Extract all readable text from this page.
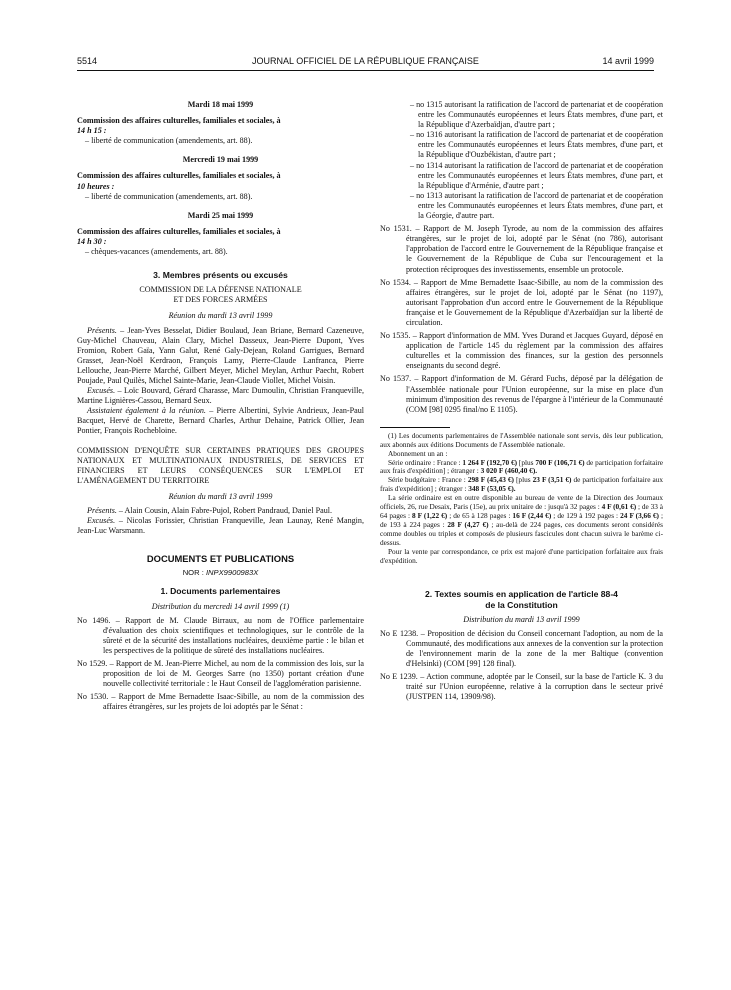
5514	JOURNAL OFFICIEL DE LA RÉPUBLIQUE FRANÇAISE	14 avril 1999

Mardi 18 mai 1999

Commission des affaires culturelles, familiales et sociales, à
14 h 15 :

– liberté de communication (amendements, art. 88).

Mercredi 19 mai 1999

Commission des affaires culturelles, familiales et sociales, à
10 heures :

– liberté de communication (amendements, art. 88).

Mardi 25 mai 1999

Commission des affaires culturelles, familiales et sociales, à
14 h 30 :

– chèques-vacances (amendements, art. 88).

3. Membres présents ou excusés

COMMISSION DE LA DÉFENSE NATIONALE
ET DES FORCES ARMÉES

Réunion du mardi 13 avril 1999

Présents. – Jean-Yves Besselat, Didier Boulaud, Jean Briane, Bernard Cazeneuve, Guy-Michel Chauveau, Alain Clary, Michel Dasseux, Jean-Pierre Dupont, Yves Fromion, Robert Gaïa, Yann Galut, René Galy-Dejean, Roland Garrigues, Bernard Grasset, Jean-Noël Kerdraon, François Lamy, Pierre-Claude Lanfranca, Pierre Lellouche, Jean-Pierre Marché, Gilbert Meyer, Michel Meylan, Arthur Paecht, Robert Poujade, Paul Quilès, Michel Sainte-Marie, Jean-Claude Viollet, Michel Voisin.

Excusés. – Loïc Bouvard, Gérard Charasse, Marc Dumoulin, Christian Franqueville, Martine Lignières-Cassou, Bernard Seux.

Assistaient également à la réunion. – Pierre Albertini, Sylvie Andrieux, Jean-Paul Bacquet, Hervé de Charette, Bernard Charles, Arthur Dehaine, Patrick Ollier, Jean Pontier, François Rochebloine.

COMMISSION D'ENQUÊTE SUR CERTAINES PRATIQUES DES GROUPES NATIONAUX ET MULTINATIONAUX INDUSTRIELS, DE SERVICES ET FINANCIERS ET LEURS CONSÉQUENCES SUR L'EMPLOI ET L'AMÉNAGEMENT DU TERRITOIRE

Réunion du mardi 13 avril 1999

Présents. – Alain Cousin, Alain Fabre-Pujol, Robert Pandraud, Daniel Paul.

Excusés. – Nicolas Forissier, Christian Franqueville, Jean Launay, René Mangin, Jean-Luc Warsmann.

DOCUMENTS ET PUBLICATIONS

NOR : INPX9900983X

1. Documents parlementaires

Distribution du mercredi 14 avril 1999 (1)

No 1496. – Rapport de M. Claude Birraux, au nom de l'Office parlementaire d'évaluation des choix scientifiques et technologiques, sur le contrôle de la sûreté et de la sécurité des installations nucléaires, deuxième partie : le bilan et les perspectives de la politique de sûreté des installations nucléaires.

No 1529. – Rapport de M. Jean-Pierre Michel, au nom de la commission des lois, sur la proposition de loi de M. Georges Sarre (no 1350) portant création d'une nouvelle collectivité territoriale : le Haut Conseil de l'agglomération parisienne.

No 1530. – Rapport de Mme Bernadette Isaac-Sibille, au nom de la commission des affaires étrangères, sur les projets de loi adoptés par le Sénat :

– no 1315 autorisant la ratification de l'accord de partenariat et de coopération entre les Communautés européennes et leurs États membres, d'une part, et la République d'Azerbaïdjan, d'autre part ;

– no 1316 autorisant la ratification de l'accord de partenariat et de coopération entre les Communautés européennes et leurs États membres, d'une part, et la République d'Ouzbékistan, d'autre part ;

– no 1314 autorisant la ratification de l'accord de partenariat et de coopération entre les Communautés européennes et leurs États membres, d'une part, et la République d'Arménie, d'autre part ;

– no 1313 autorisant la ratification de l'accord de partenariat et de coopération entre les Communautés européennes et leurs États membres, d'une part, et la Géorgie, d'autre part.

No 1531. – Rapport de M. Joseph Tyrode, au nom de la commission des affaires étrangères, sur le projet de loi, adopté par le Sénat (no 786), autorisant l'approbation de l'accord entre le Gouvernement de la République française et le Gouvernement de la République de Cuba sur l'encouragement et la protection réciproques des investissements, ensemble un protocole.

No 1534. – Rapport de Mme Bernadette Isaac-Sibille, au nom de la commission des affaires étrangères, sur le projet de loi, adopté par le Sénat (no 1197), autorisant l'approbation d'un accord entre le Gouvernement de la République française et le Gouvernement de la République d'Azerbaïdjan sur la liberté de circulation.

No 1535. – Rapport d'information de MM. Yves Durand et Jacques Guyard, déposé en application de l'article 145 du règlement par la commission des affaires culturelles et la commission des finances, sur la gestion des personnels enseignants du second degré.

No 1537. – Rapport d'information de M. Gérard Fuchs, déposé par la délégation de l'Assemblée nationale pour l'Union européenne, sur la mise en place d'un minimum d'imposition des revenus de l'épargne à l'intérieur de la Communauté (COM [98] 0295 final/no E 1105).

(1) Les documents parlementaires de l'Assemblée nationale sont servis, dès leur publication, aux abonnés aux éditions Documents de l'Assemblée nationale.

Abonnement un an :

Série ordinaire : France : 1 264 F (192,70 €) [plus 700 F (106,71 €) de participation forfaitaire aux frais d'expédition] ; étranger : 3 020 F (460,40 €).

Série budgétaire : France : 298 F (45,43 €) [plus 23 F (3,51 €) de participation forfaitaire aux frais d'expédition] ; étranger : 348 F (53,05 €).

La série ordinaire est en outre disponible au bureau de vente de la Direction des Journaux officiels, 26, rue Desaix, Paris (15e), au prix unitaire de : jusqu'à 32 pages : 4 F (0,61 €) ; de 33 à 64 pages : 8 F (1,22 €) ; de 65 à 128 pages : 16 F (2,44 €) ; de 129 à 192 pages : 24 F (3,66 €) ; de 193 à 224 pages : 28 F (4,27 €) ; au-delà de 224 pages, ces documents seront considérés comme doubles ou triples et composés de plusieurs fascicules dont chacun suivra le barème ci-dessus.

Pour la vente par correspondance, ce prix est majoré d'une participation forfaitaire aux frais d'expédition.

2. Textes soumis en application de l'article 88-4
de la Constitution

Distribution du mardi 13 avril 1999

No E 1238. – Proposition de décision du Conseil concernant l'adoption, au nom de la Communauté, des modifications aux annexes de la convention sur la protection de l'environnement marin de la zone de la mer Baltique (convention d'Helsinki) (COM [99] 128 final).

No E 1239. – Action commune, adoptée par le Conseil, sur la base de l'article K. 3 du traité sur l'Union européenne, relative à la corruption dans le secteur privé (JUSTPEN 114, 13909/98).
